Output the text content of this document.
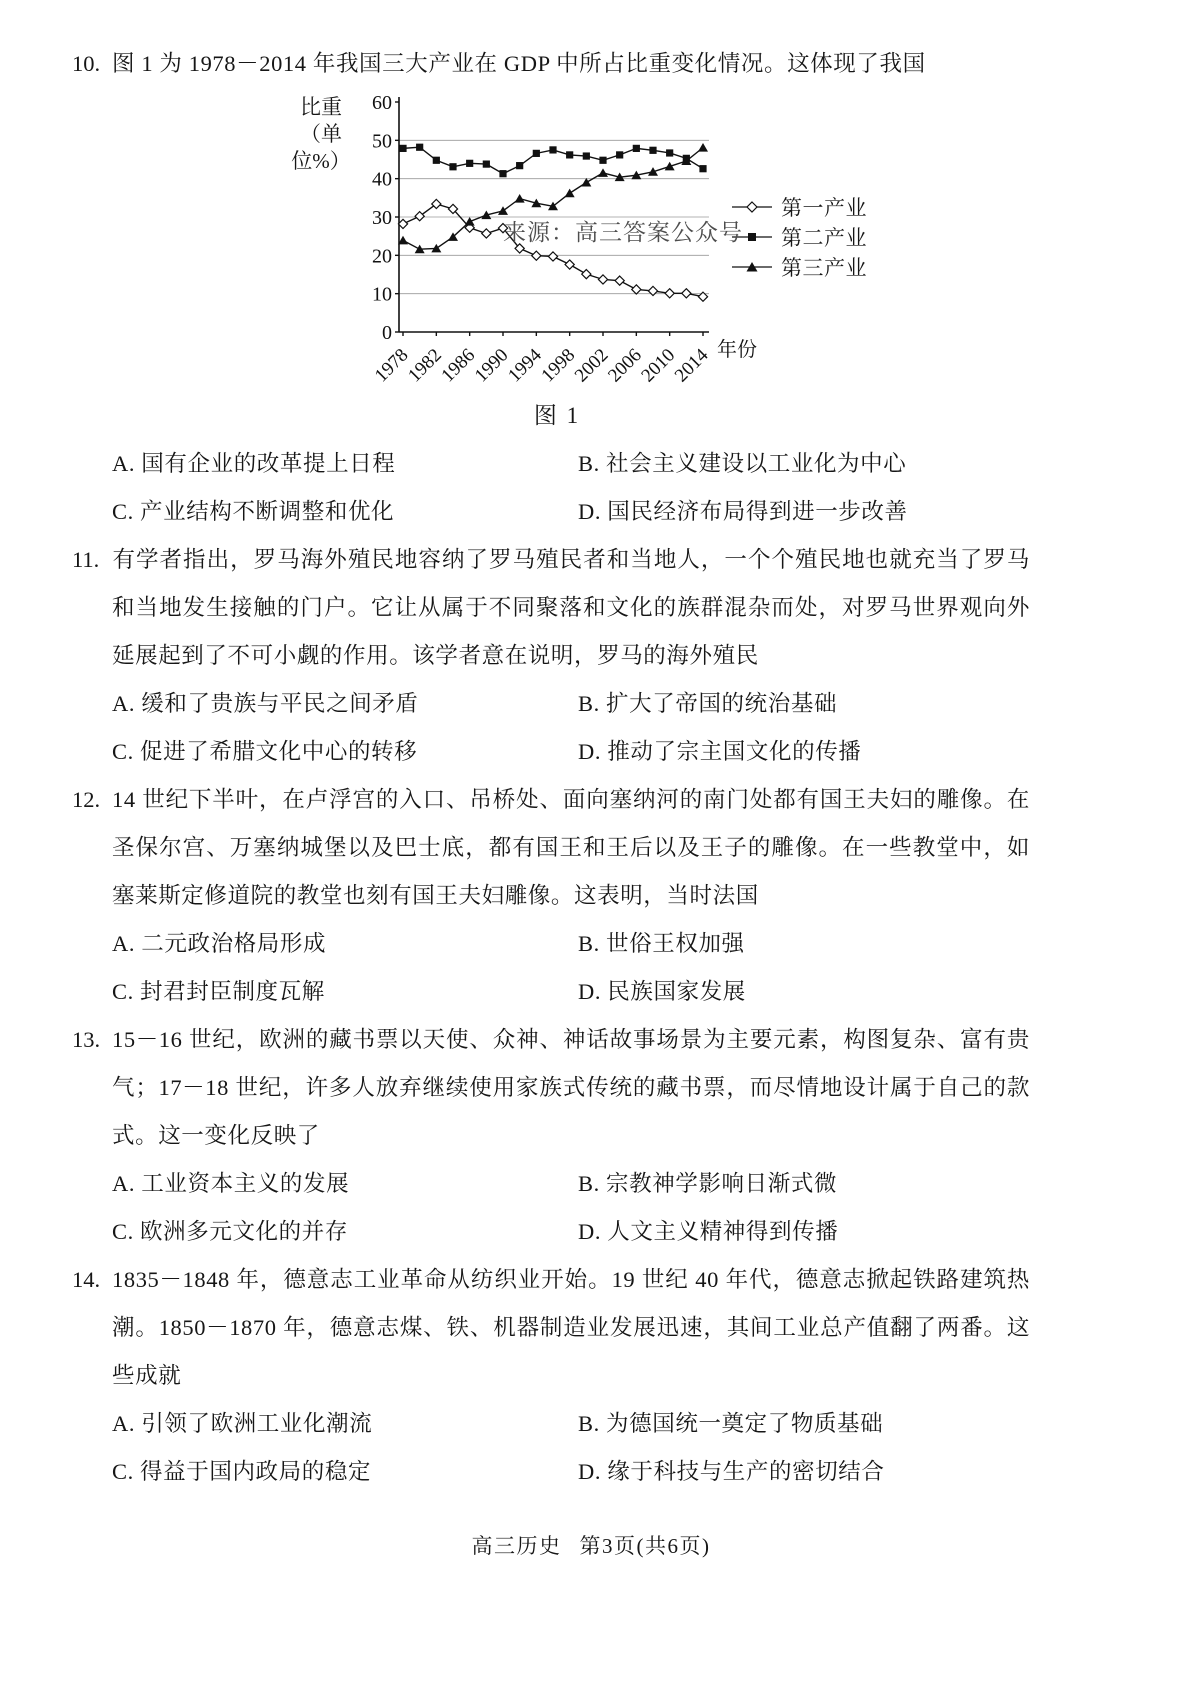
10. 图 1 为 1978－2014 年我国三大产业在 GDP 中所占比重变化情况。这体现了我国

比重
（单位%）
0
10
20
30
40
50
60
1978
1982
1986
1990
1994
1998
2002
2006
2010
2014 年份
第一产业
第二产业
第三产业
来源：高三答案公众号
图 1
A. 国有企业的改革提上日程	B. 社会主义建设以工业化为中心
C. 产业结构不断调整和优化	D. 国民经济布局得到进一步改善

11. 有学者指出，罗马海外殖民地容纳了罗马殖民者和当地人，一个个殖民地也就充当了罗马和当地发生接触的门户。它让从属于不同聚落和文化的族群混杂而处，对罗马世界观向外延展起到了不可小觑的作用。该学者意在说明，罗马的海外殖民

A. 缓和了贵族与平民之间矛盾	B. 扩大了帝国的统治基础
C. 促进了希腊文化中心的转移	D. 推动了宗主国文化的传播

12. 14 世纪下半叶，在卢浮宫的入口、吊桥处、面向塞纳河的南门处都有国王夫妇的雕像。在圣保尔宫、万塞纳城堡以及巴士底，都有国王和王后以及王子的雕像。在一些教堂中，如塞莱斯定修道院的教堂也刻有国王夫妇雕像。这表明，当时法国

A. 二元政治格局形成	B. 世俗王权加强
C. 封君封臣制度瓦解	D. 民族国家发展

13. 15－16 世纪，欧洲的藏书票以天使、众神、神话故事场景为主要元素，构图复杂、富有贵气；17－18 世纪，许多人放弃继续使用家族式传统的藏书票，而尽情地设计属于自己的款式。这一变化反映了

A. 工业资本主义的发展	B. 宗教神学影响日渐式微
C. 欧洲多元文化的并存	D. 人文主义精神得到传播

14. 1835－1848 年，德意志工业革命从纺织业开始。19 世纪 40 年代，德意志掀起铁路建筑热潮。1850－1870 年，德意志煤、铁、机器制造业发展迅速，其间工业总产值翻了两番。这些成就

A. 引领了欧洲工业化潮流	B. 为德国统一奠定了物质基础
C. 得益于国内政局的稳定	D. 缘于科技与生产的密切结合
高三历史 第3页(共6页)
